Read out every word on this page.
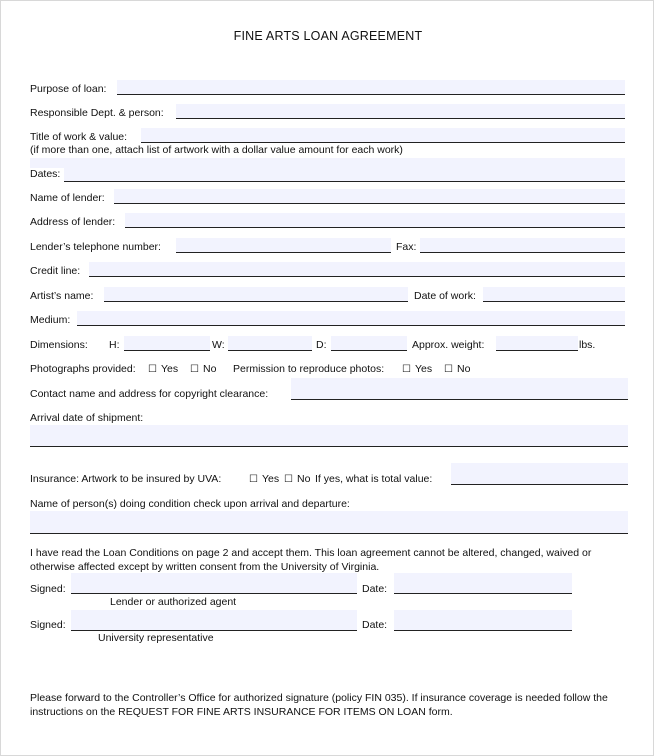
FINE ARTS LOAN AGREEMENT
Purpose of loan:
Responsible Dept. & person:
Title of work & value:
(if more than one, attach list of artwork with a dollar value amount for each work)
Dates:
Name of lender:
Address of lender:
Lender’s telephone number:	Fax:
Credit line:
Artist’s name:	Date of work:
Medium:
Dimensions: H:	W:	D:	Approx. weight:	lbs.
Photographs provided: ☐ Yes ☐ No Permission to reproduce photos: ☐ Yes ☐ No
Contact name and address for copyright clearance:
Arrival date of shipment:
Insurance: Artwork to be insured by UVA:	☐ Yes ☐ No If yes, what is total value:
Name of person(s) doing condition check upon arrival and departure:
I have read the Loan Conditions on page 2 and accept them. This loan agreement cannot be altered, changed, waived or otherwise affected except by written consent from the University of Virginia.
Signed:	Date:
Lender or authorized agent
Signed:	Date:
University representative
Please forward to the Controller’s Office for authorized signature (policy FIN 035). If insurance coverage is needed follow the instructions on the REQUEST FOR FINE ARTS INSURANCE FOR ITEMS ON LOAN form.
